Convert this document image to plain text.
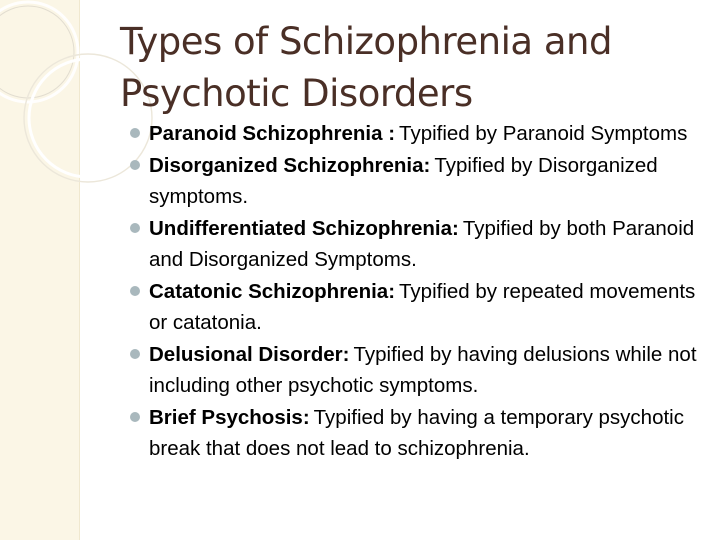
Types of Schizophrenia and
Psychotic Disorders
Paranoid Schizophrenia : Typified by Paranoid Symptoms
Disorganized Schizophrenia: Typified by Disorganized symptoms.
Undifferentiated Schizophrenia: Typified by both Paranoid and Disorganized Symptoms.
Catatonic Schizophrenia: Typified by repeated movements or catatonia.
Delusional Disorder: Typified by having delusions while not including other psychotic symptoms.
Brief Psychosis: Typified by having a temporary psychotic break that does not lead to schizophrenia.
